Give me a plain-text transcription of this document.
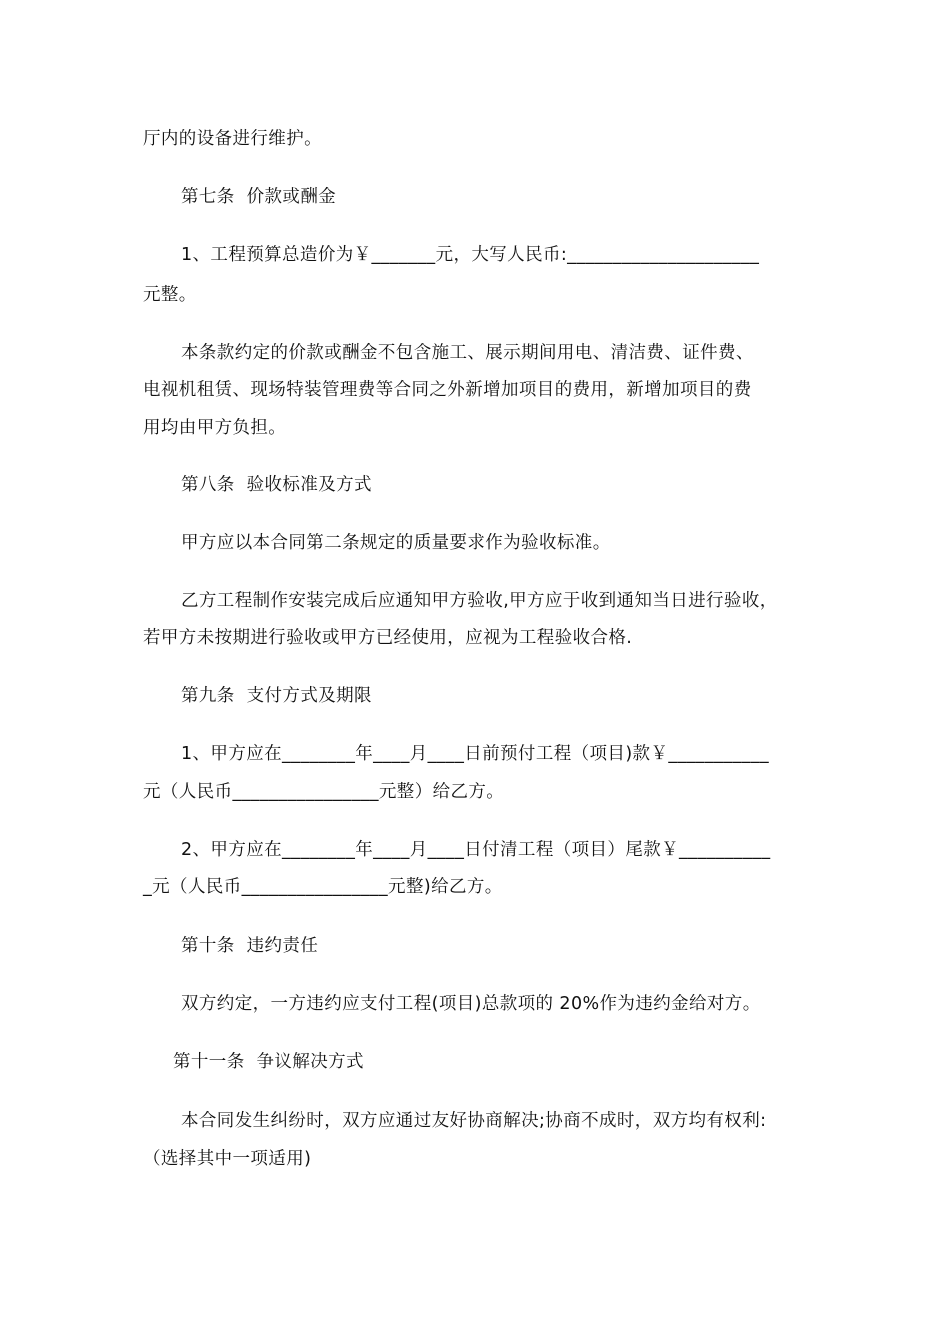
厅内的设备进行维护。
第七条  价款或酬金
1、工程预算总造价为￥_______元，大写人民币:_____________________
元整。
本条款约定的价款或酬金不包含施工、展示期间用电、清洁费、证件费、
电视机租赁、现场特装管理费等合同之外新增加项目的费用，新增加项目的费
用均由甲方负担。
第八条  验收标准及方式
甲方应以本合同第二条规定的质量要求作为验收标准。
乙方工程制作安装完成后应通知甲方验收,甲方应于收到通知当日进行验收，
若甲方未按期进行验收或甲方已经使用，应视为工程验收合格.
第九条  支付方式及期限
1、甲方应在________年____月____日前预付工程（项目)款￥___________
元（人民币________________元整）给乙方。
2、甲方应在________年____月____日付清工程（项目）尾款￥__________
_元（人民币________________元整)给乙方。
第十条  违约责任
双方约定，一方违约应支付工程(项目)总款项的 20%作为违约金给对方。
第十一条  争议解决方式
本合同发生纠纷时，双方应通过友好协商解决;协商不成时，双方均有权利:
（选择其中一项适用)
